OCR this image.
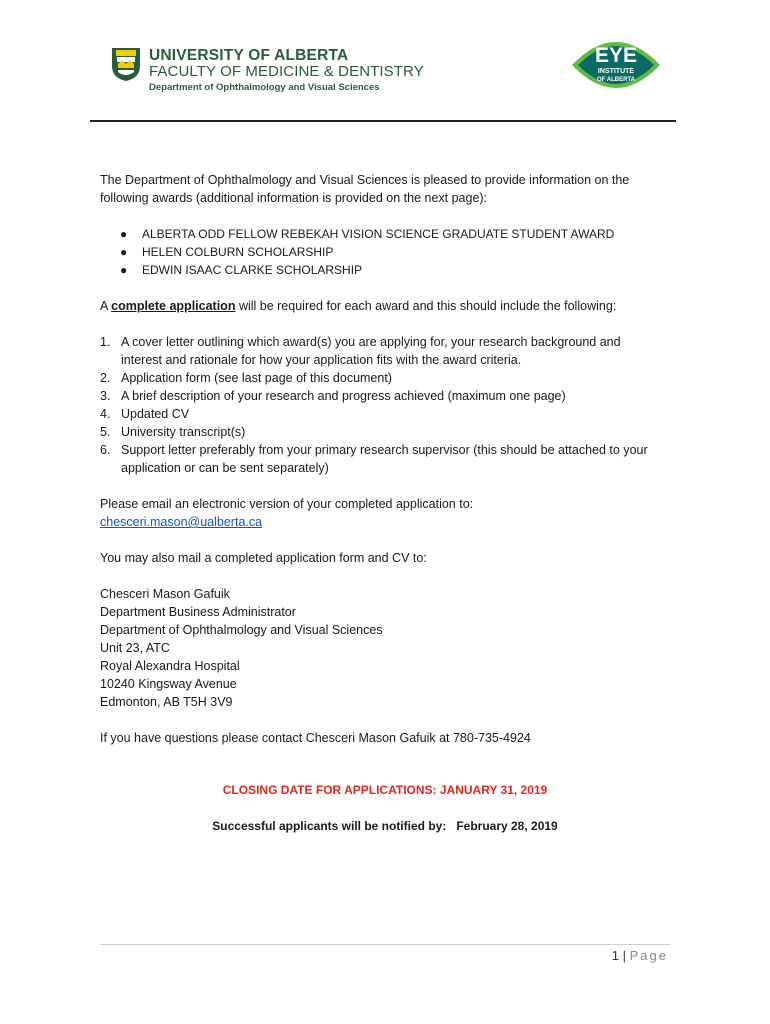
UNIVERSITY OF ALBERTA
FACULTY OF MEDICINE & DENTISTRY
Department of Ophthalmology and Visual Sciences
EYE
INSTITUTE
OF ALBERTA

The Department of Ophthalmology and Visual Sciences is pleased to provide information on the following awards (additional information is provided on the next page):

● ALBERTA ODD FELLOW REBEKAH VISION SCIENCE GRADUATE STUDENT AWARD
● HELEN COLBURN SCHOLARSHIP
● EDWIN ISAAC CLARKE SCHOLARSHIP

A complete application will be required for each award and this should include the following:

1. A cover letter outlining which award(s) you are applying for, your research background and interest and rationale for how your application fits with the award criteria.
2. Application form (see last page of this document)
3. A brief description of your research and progress achieved (maximum one page)
4. Updated CV
5. University transcript(s)
6. Support letter preferably from your primary research supervisor (this should be attached to your application or can be sent separately)

Please email an electronic version of your completed application to:

chesceri.mason@ualberta.ca

You may also mail a completed application form and CV to:

Chesceri Mason Gafuik
Department Business Administrator
Department of Ophthalmology and Visual Sciences
Unit 23, ATC
Royal Alexandra Hospital
10240 Kingsway Avenue
Edmonton, AB T5H 3V9

If you have questions please contact Chesceri Mason Gafuik at 780-735-4924

CLOSING DATE FOR APPLICATIONS: JANUARY 31, 2019

Successful applicants will be notified by:   February 28, 2019

1 | Page
